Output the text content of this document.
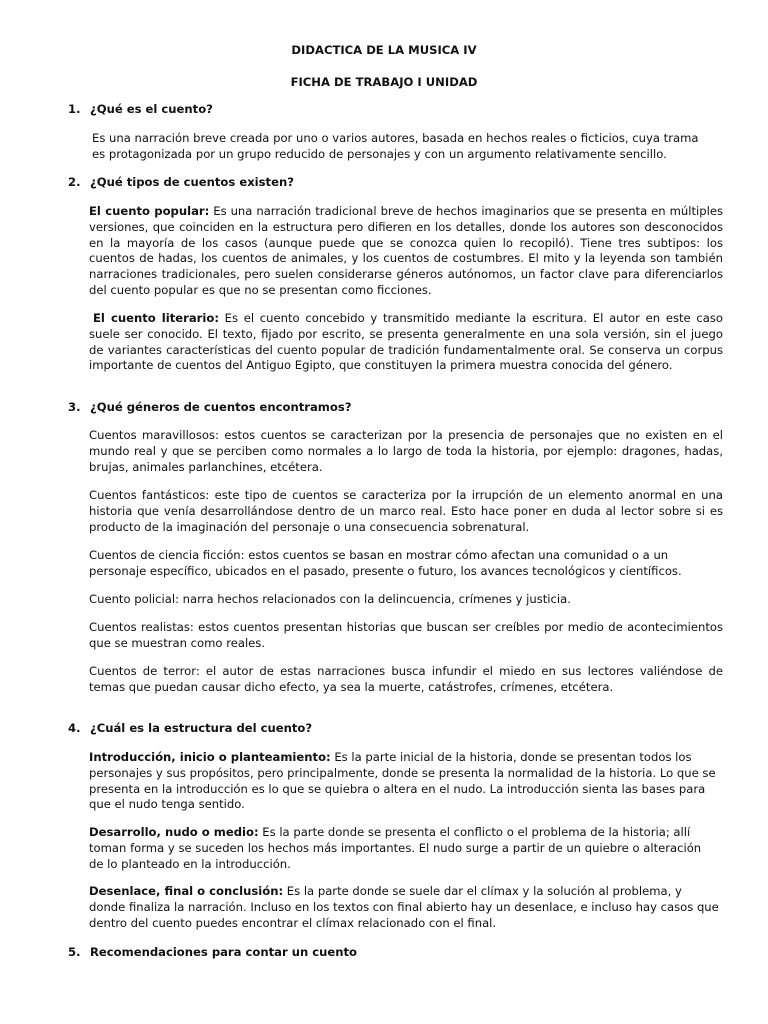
DIDACTICA DE LA MUSICA IV
FICHA DE TRABAJO I UNIDAD
1. ¿Qué es el cuento?

Es una narración breve creada por uno o varios autores, basada en hechos reales o ficticios, cuya trama es protagonizada por un grupo reducido de personajes y con un argumento relativamente sencillo.

2. ¿Qué tipos de cuentos existen?

El cuento popular: Es una narración tradicional breve de hechos imaginarios que se presenta en múltiples versiones, que coinciden en la estructura pero difieren en los detalles, donde los autores son desconocidos en la mayoría de los casos (aunque puede que se conozca quien lo recopiló). Tiene tres subtipos: los cuentos de hadas, los cuentos de animales, y los cuentos de costumbres. El mito y la leyenda son también narraciones tradicionales, pero suelen considerarse géneros autónomos, un factor clave para diferenciarlos del cuento popular es que no se presentan como ficciones.

El cuento literario: Es el cuento concebido y transmitido mediante la escritura. El autor en este caso suele ser conocido. El texto, fijado por escrito, se presenta generalmente en una sola versión, sin el juego de variantes características del cuento popular de tradición fundamentalmente oral. Se conserva un corpus importante de cuentos del Antiguo Egipto, que constituyen la primera muestra conocida del género.

3. ¿Qué géneros de cuentos encontramos?

Cuentos maravillosos: estos cuentos se caracterizan por la presencia de personajes que no existen en el mundo real y que se perciben como normales a lo largo de toda la historia, por ejemplo: dragones, hadas, brujas, animales parlanchines, etcétera.

Cuentos fantásticos: este tipo de cuentos se caracteriza por la irrupción de un elemento anormal en una historia que venía desarrollándose dentro de un marco real. Esto hace poner en duda al lector sobre si es producto de la imaginación del personaje o una consecuencia sobrenatural.

Cuentos de ciencia ficción: estos cuentos se basan en mostrar cómo afectan una comunidad o a un personaje específico, ubicados en el pasado, presente o futuro, los avances tecnológicos y científicos.

Cuento policial: narra hechos relacionados con la delincuencia, crímenes y justicia.

Cuentos realistas: estos cuentos presentan historias que buscan ser creíbles por medio de acontecimientos que se muestran como reales.

Cuentos de terror: el autor de estas narraciones busca infundir el miedo en sus lectores valiéndose de temas que puedan causar dicho efecto, ya sea la muerte, catástrofes, crímenes, etcétera.

4. ¿Cuál es la estructura del cuento?

Introducción, inicio o planteamiento: Es la parte inicial de la historia, donde se presentan todos los personajes y sus propósitos, pero principalmente, donde se presenta la normalidad de la historia. Lo que se presenta en la introducción es lo que se quiebra o altera en el nudo. La introducción sienta las bases para que el nudo tenga sentido.

Desarrollo, nudo o medio: Es la parte donde se presenta el conflicto o el problema de la historia; allí toman forma y se suceden los hechos más importantes. El nudo surge a partir de un quiebre o alteración de lo planteado en la introducción.

Desenlace, final o conclusión: Es la parte donde se suele dar el clímax y la solución al problema, y donde finaliza la narración. Incluso en los textos con final abierto hay un desenlace, e incluso hay casos que dentro del cuento puedes encontrar el clímax relacionado con el final.

5. Recomendaciones para contar un cuento
